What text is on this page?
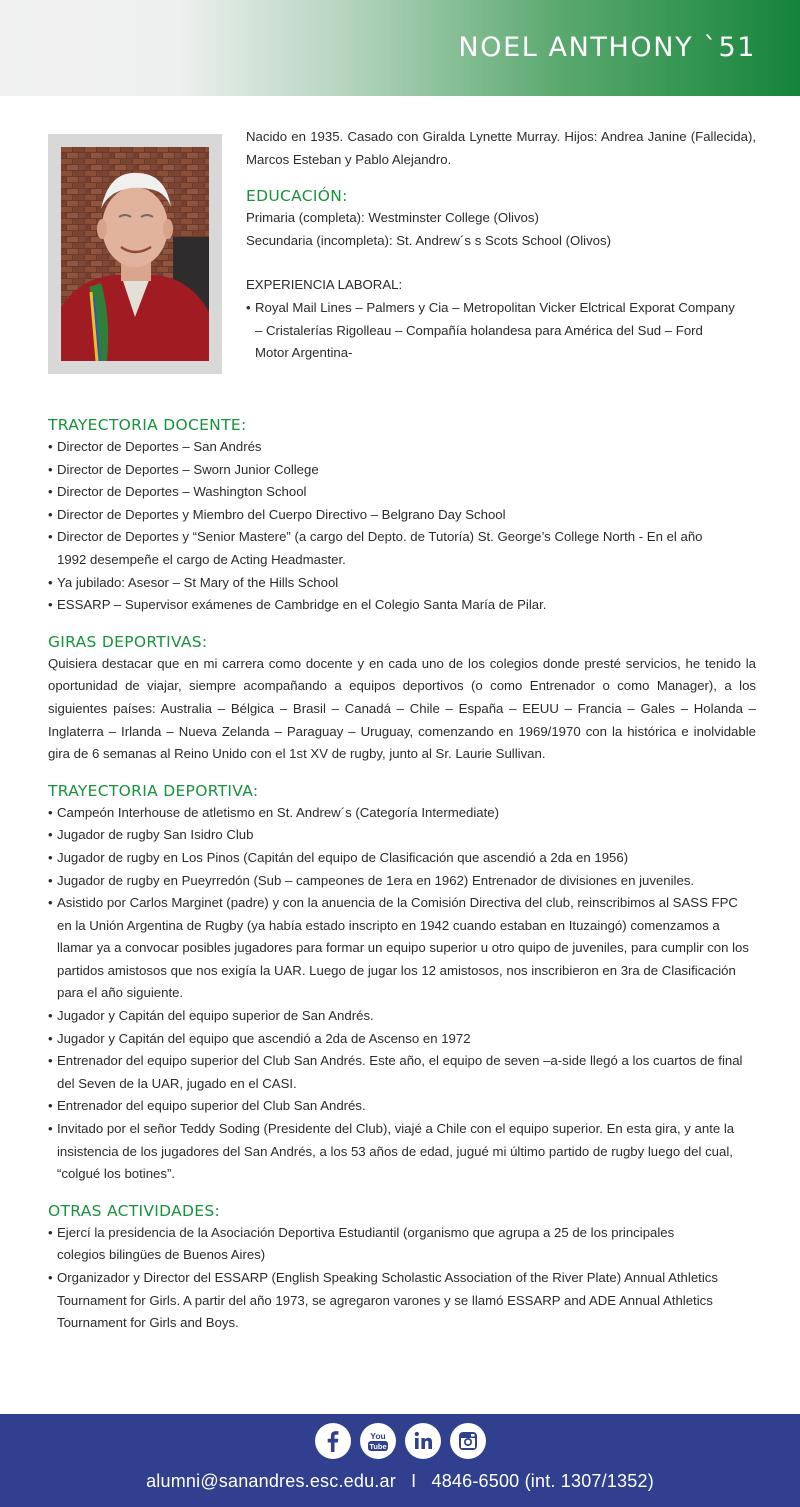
NOEL ANTHONY `51

Nacido en 1935. Casado con Giralda Lynette Murray. Hijos: Andrea Janine (Fallecida), Marcos Esteban y Pablo Alejandro.

EDUCACIÓN:

Primaria (completa): Westminster College (Olivos)

Secundaria (incompleta): St. Andrew´s s Scots School (Olivos)

EXPERIENCIA LABORAL:

• Royal Mail Lines – Palmers y Cia – Metropolitan Vicker Elctrical Exporat Company – Cristalerías Rigolleau – Compañía holandesa para América del Sud – Ford Motor Argentina-
TRAYECTORIA DOCENTE:
• Director de Deportes – San Andrés
• Director de Deportes – Sworn Junior College
• Director de Deportes – Washington School
• Director de Deportes y Miembro del Cuerpo Directivo – Belgrano Day School
• Director de Deportes y “Senior Mastere” (a cargo del Depto. de Tutoría) St. George’s College North - En el año 1992 desempeñe el cargo de Acting Headmaster.
• Ya jubilado: Asesor – St Mary of the Hills School
• ESSARP – Supervisor exámenes de Cambridge en el Colegio Santa María de Pilar.
GIRAS DEPORTIVAS:

Quisiera destacar que en mi carrera como docente y en cada uno de los colegios donde presté servicios, he tenido la oportunidad de viajar, siempre acompañando a equipos deportivos (o como Entrenador o como Manager), a los siguientes países: Australia – Bélgica – Brasil – Canadá – Chile – España – EEUU – Francia – Gales – Holanda – Inglaterra – Irlanda – Nueva Zelanda – Paraguay – Uruguay, comenzando en 1969/1970 con la histórica e inolvidable gira de 6 semanas al Reino Unido con el 1st XV de rugby, junto al Sr. Laurie Sullivan.

TRAYECTORIA DEPORTIVA:
• Campeón Interhouse de atletismo en St. Andrew´s (Categoría Intermediate)
• Jugador de rugby San Isidro Club
• Jugador de rugby en Los Pinos (Capitán del equipo de Clasificación que ascendió a 2da en 1956)
• Jugador de rugby en Pueyrredón (Sub – campeones de 1era en 1962) Entrenador de divisiones en juveniles.
• Asistido por Carlos Marginet (padre) y con la anuencia de la Comisión Directiva del club, reinscribimos al SASS FPC en la Unión Argentina de Rugby (ya había estado inscripto en 1942 cuando estaban en Ituzaingó) comenzamos a llamar ya a convocar posibles jugadores para formar un equipo superior u otro quipo de juveniles, para cumplir con los partidos amistosos que nos exigía la UAR. Luego de jugar los 12 amistosos, nos inscribieron en 3ra de Clasificación para el año siguiente.
• Jugador y Capitán del equipo superior de San Andrés.
• Jugador y Capitán del equipo que ascendió a 2da de Ascenso en 1972
• Entrenador del equipo superior del Club San Andrés. Este año, el equipo de seven –a-side llegó a los cuartos de final del Seven de la UAR, jugado en el CASI.
• Entrenador del equipo superior del Club San Andrés.
• Invitado por el señor Teddy Soding (Presidente del Club), viajé a Chile con el equipo superior. En esta gira, y ante la insistencia de los jugadores del San Andrés, a los 53 años de edad, jugué mi último partido de rugby luego del cual, “colgué los botines”.
OTRAS ACTIVIDADES:
• Ejercí la presidencia de la Asociación Deportiva Estudiantil (organismo que agrupa a 25 de los principales colegios bilingües de Buenos Aires)
• Organizador y Director del ESSARP (English Speaking Scholastic Association of the River Plate) Annual Athletics Tournament for Girls. A partir del año 1973, se agregaron varones y se llamó ESSARP and ADE Annual Athletics Tournament for Girls and Boys.
You
Tube
alumni@sanandres.esc.edu.ar I 4846-6500 (int. 1307/1352)
